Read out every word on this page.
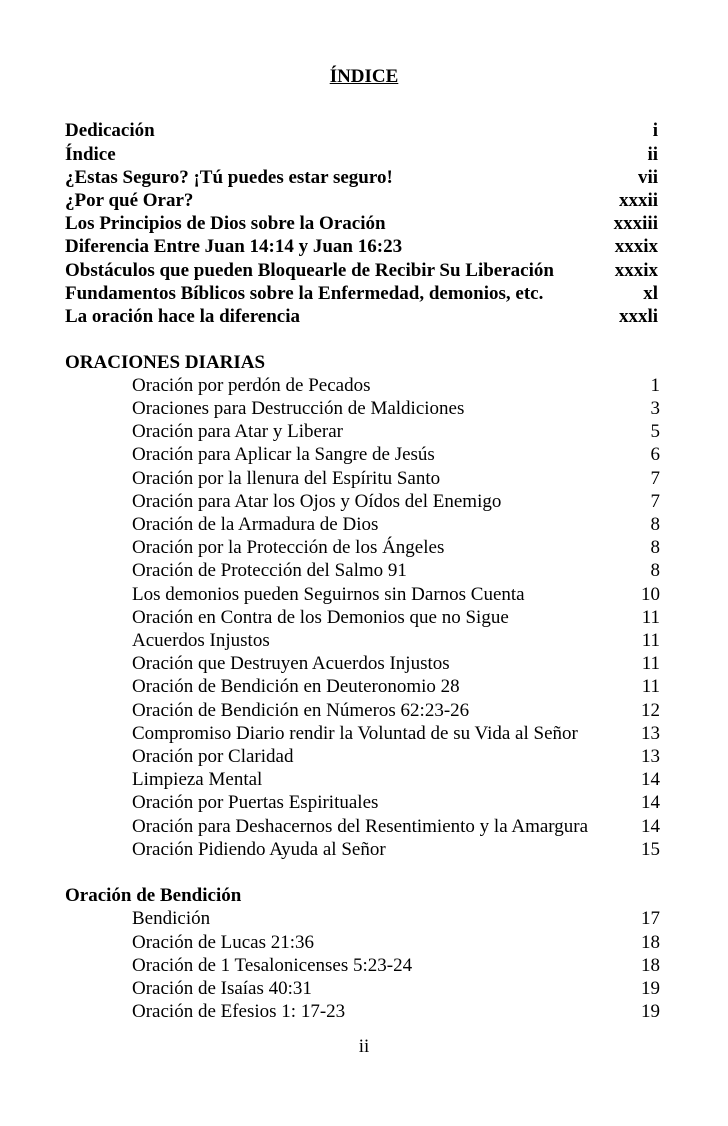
ÍNDICE
Dedicación	i
Índice	ii
¿Estas Seguro? ¡Tú puedes estar seguro!	vii
¿Por qué Orar?	xxxii
Los Principios de Dios sobre la Oración	xxxiii
Diferencia Entre Juan 14:14 y Juan 16:23	xxxix
Obstáculos que pueden Bloquearle de Recibir Su Liberación	xxxix
Fundamentos Bíblicos sobre la Enfermedad, demonios, etc.	xl
La oración hace la diferencia	xxxli
ORACIONES DIARIAS
Oración por perdón de Pecados	1
Oraciones para Destrucción de Maldiciones	3
Oración para Atar y Liberar	5
Oración para Aplicar la Sangre de Jesús	6
Oración por la llenura del Espíritu Santo	7
Oración para Atar los Ojos y Oídos del Enemigo	7
Oración de la Armadura de Dios	8
Oración por la Protección de los Ángeles	8
Oración de Protección del Salmo 91	8
Los demonios pueden Seguirnos sin Darnos Cuenta	10
Oración en Contra de los Demonios que no Sigue	11
Acuerdos Injustos	11
Oración que Destruyen Acuerdos Injustos	11
Oración de Bendición en Deuteronomio 28	11
Oración de Bendición en Números 62:23-26	12
Compromiso Diario rendir la Voluntad de su Vida al Señor	13
Oración por Claridad	13
Limpieza Mental	14
Oración por Puertas Espirituales	14
Oración para Deshacernos del Resentimiento y la Amargura	14
Oración Pidiendo Ayuda al Señor	15
Oración de Bendición
Bendición	17
Oración de Lucas 21:36	18
Oración de 1 Tesalonicenses 5:23-24	18
Oración de Isaías 40:31	19
Oración de Efesios 1: 17-23	19
ii
